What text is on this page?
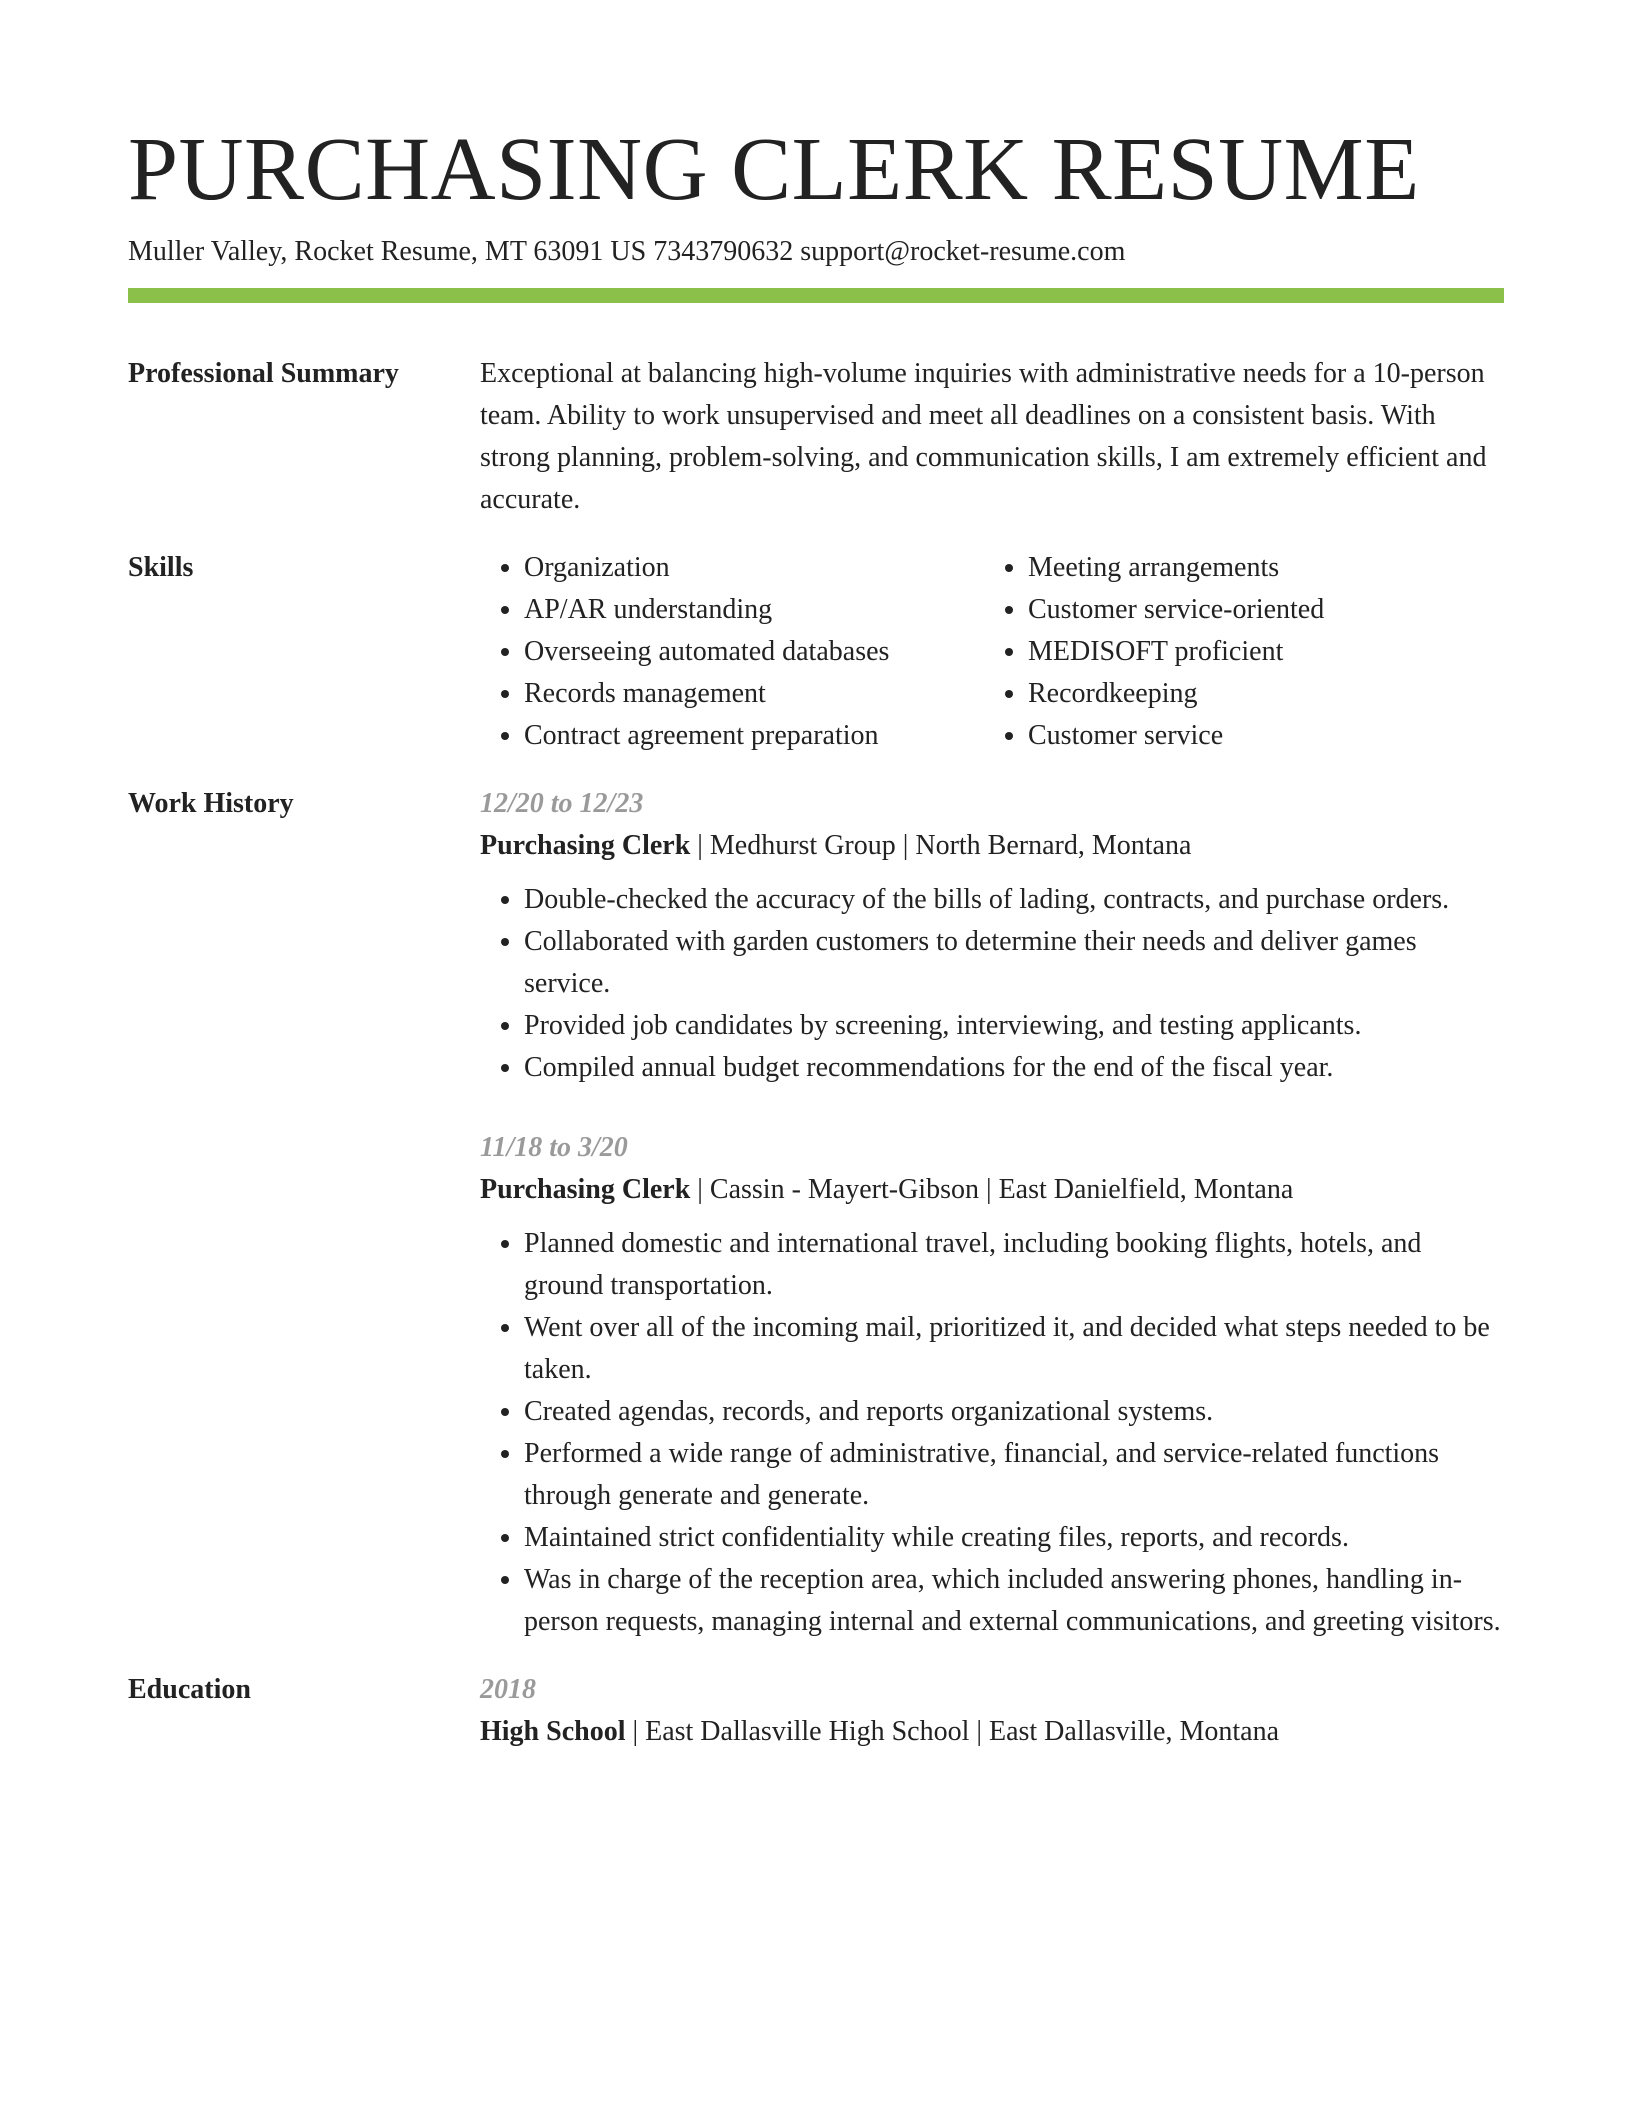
PURCHASING CLERK RESUME
Muller Valley, Rocket Resume, MT 63091 US 7343790632 support@rocket-resume.com
Professional Summary	Exceptional at balancing high-volume inquiries with administrative needs for a 10-person team. Ability to work unsupervised and meet all deadlines on a consistent basis. With strong planning, problem-solving, and communication skills, I am extremely efficient and accurate.

Skills
•	Organization
• AP/AR understanding
• Overseeing automated databases
• Records management
• Contract agreement preparation
• Meeting arrangements
• Customer service-oriented
• MEDISOFT proficient
• Recordkeeping
• Customer service
Work History	12/20 to 12/23
Purchasing Clerk | Medhurst Group | North Bernard, Montana
• Double-checked the accuracy of the bills of lading, contracts, and purchase orders.
• Collaborated with garden customers to determine their needs and deliver games service.
• Provided job candidates by screening, interviewing, and testing applicants.
• Compiled annual budget recommendations for the end of the fiscal year.
11/18 to 3/20
Purchasing Clerk | Cassin - Mayert-Gibson | East Danielfield, Montana
• Planned domestic and international travel, including booking flights, hotels, and ground transportation.
• Went over all of the incoming mail, prioritized it, and decided what steps needed to be taken.
• Created agendas, records, and reports organizational systems.
• Performed a wide range of administrative, financial, and service-related functions through generate and generate.
• Maintained strict confidentiality while creating files, reports, and records.
• Was in charge of the reception area, which included answering phones, handling in-person requests, managing internal and external communications, and greeting visitors.
Education	2018
High School | East Dallasville High School | East Dallasville, Montana
